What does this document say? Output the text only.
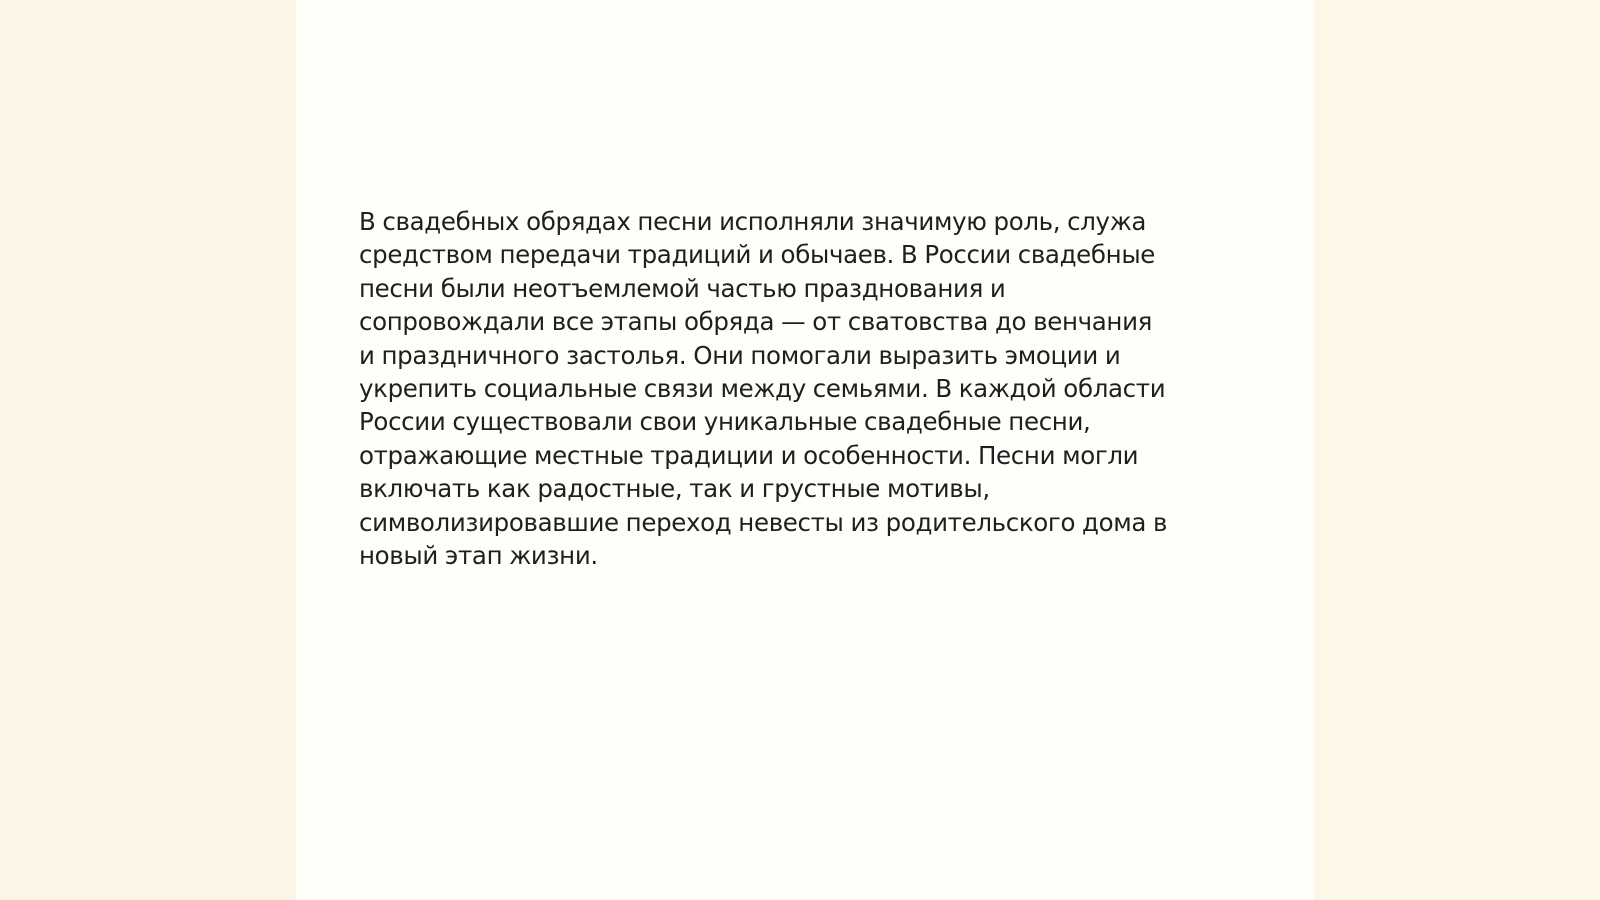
В свадебных обрядах песни исполняли значимую роль, служа
средством передачи традиций и обычаев. В России свадебные
песни были неотъемлемой частью празднования и
сопровождали все этапы обряда — от сватовства до венчания
и праздничного застолья. Они помогали выразить эмоции и
укрепить социальные связи между семьями. В каждой области
России существовали свои уникальные свадебные песни,
отражающие местные традиции и особенности. Песни могли
включать как радостные, так и грустные мотивы,
символизировавшие переход невесты из родительского дома в
новый этап жизни.
